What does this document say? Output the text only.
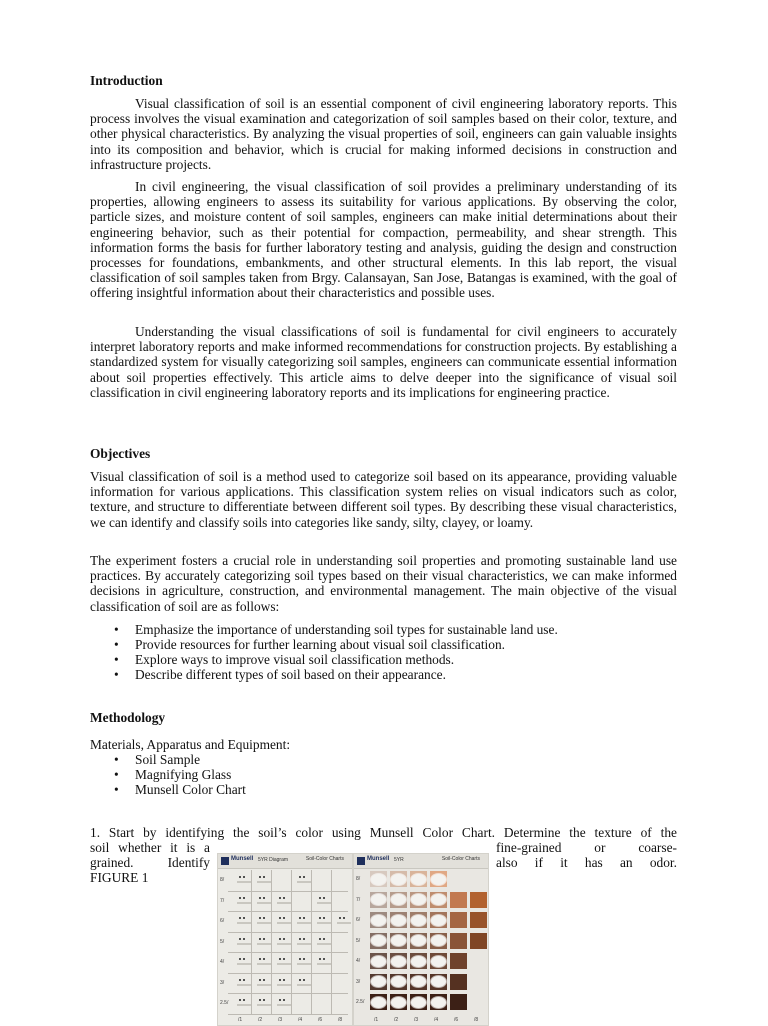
Introduction
Visual classification of soil is an essential component of civil engineering laboratory reports. This process involves the visual examination and categorization of soil samples based on their color, texture, and other physical characteristics. By analyzing the visual properties of soil, engineers can gain valuable insights into its composition and behavior, which is crucial for making informed decisions in construction and infrastructure projects.
In civil engineering, the visual classification of soil provides a preliminary understanding of its properties, allowing engineers to assess its suitability for various applications. By observing the color, particle sizes, and moisture content of soil samples, engineers can make initial determinations about their engineering behavior, such as their potential for compaction, permeability, and shear strength. This information forms the basis for further laboratory testing and analysis, guiding the design and construction processes for foundations, embankments, and other structural elements. In this lab report, the visual classification of soil samples taken from Brgy. Calansayan, San Jose, Batangas is examined, with the goal of offering insightful information about their characteristics and possible uses.
Understanding the visual classifications of soil is fundamental for civil engineers to accurately interpret laboratory reports and make informed recommendations for construction projects. By establishing a standardized system for visually categorizing soil samples, engineers can communicate essential information about soil properties effectively. This article aims to delve deeper into the significance of visual soil classification in civil engineering laboratory reports and its implications for engineering practice.
Objectives
Visual classification of soil is a method used to categorize soil based on its appearance, providing valuable information for various applications. This classification system relies on visual indicators such as color, texture, and structure to differentiate between different soil types. By describing these visual characteristics, we can identify and classify soils into categories like sandy, silty, clayey, or loamy.
The experiment fosters a crucial role in understanding soil properties and promoting sustainable land use practices. By accurately categorizing soil types based on their visual characteristics, we can make informed decisions in agriculture, construction, and environmental management. The main objective of the visual classification of soil are as follows:
• Emphasize the importance of understanding soil types for sustainable land use.
• Provide resources for further learning about visual soil classification.
• Explore ways to improve visual soil classification methods.
• Describe different types of soil based on their appearance.
Methodology
Materials, Apparatus and Equipment:
• Soil Sample
• Magnifying Glass
• Munsell Color Chart
1. Start by identifying the soil’s color using Munsell Color Chart. Determine the texture of the
soil whether it is a
grained. Identify
FIGURE 1
fine-grained or coarse-
also if it has an odor.
Munsell 5YR Diagram	Soil-Color Charts
8/
7/
6/
5/
4/
3/
2.5/
/1	/2	/3	/4	/6	/8
Munsell 5YR	Soil-Color Charts
8/
7/
6/
5/
4/
3/
2.5/
/1	/2	/3	/4	/6	/8
